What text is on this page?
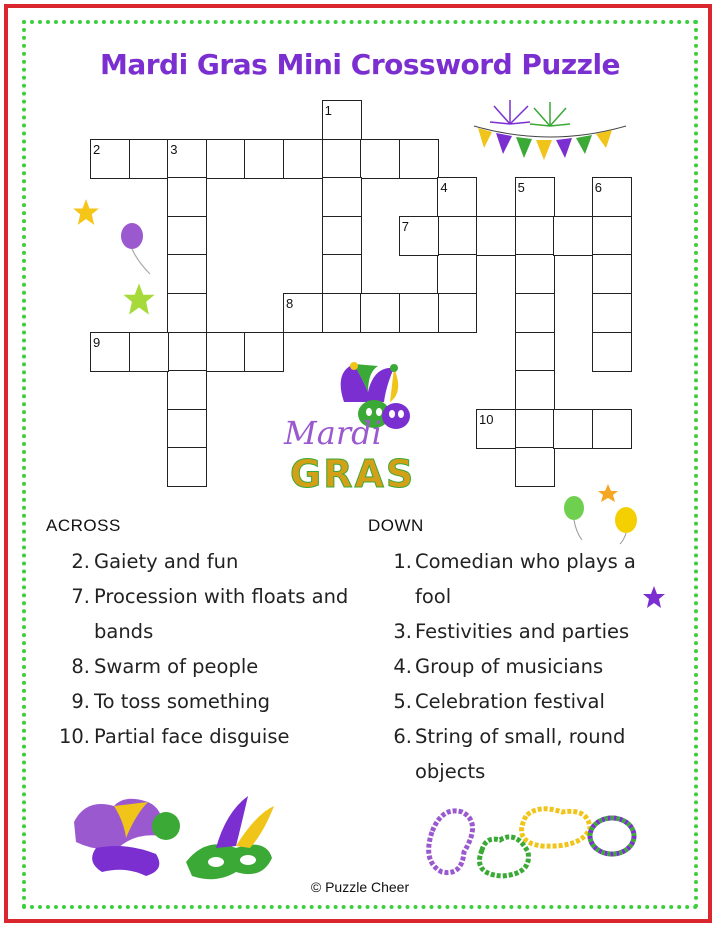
Mardi Gras Mini Crossword Puzzle
1
2	3
4	5	6
7
8
9
10
Mardi
GRAS
ACROSS	DOWN
2. Gaiety and fun
7. Procession with floats and bands
8. Swarm of people
9. To toss something
10. Partial face disguise
1. Comedian who plays a fool
3. Festivities and parties
4. Group of musicians
5. Celebration festival
6. String of small, round objects
© Puzzle Cheer
